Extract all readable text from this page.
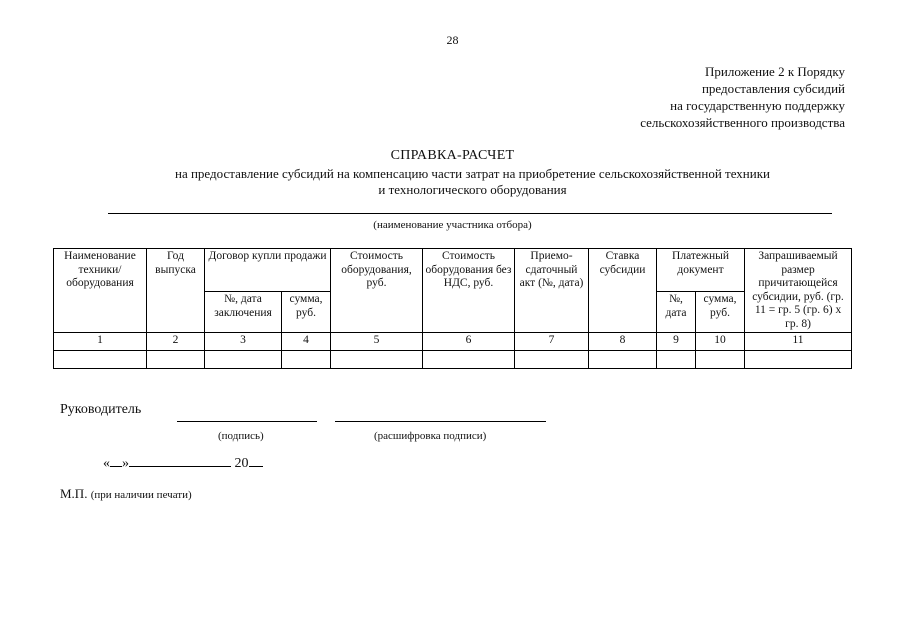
28
Приложение 2 к Порядку
предоставления субсидий
на государственную поддержку
сельскохозяйственного производства
СПРАВКА-РАСЧЕТ
на предоставление субсидий на компенсацию части затрат на приобретение сельскохозяйственной техники
и технологического оборудования
(наименование участника отбора)
Наименование техники/ оборудования	Год выпуска	Договор купли продажи		Стоимость оборудования, руб.	Стоимость оборудования без НДС, руб.	Приемо-сдаточный акт (№, дата)	Ставка субсидии	Платежный документ		Запрашиваемый размер причитающейся субсидии, руб. (гр. 11 = гр. 5 (гр. 6) х гр. 8)
		№, дата заключения	сумма, руб.					№, дата	сумма, руб.	
1	2	3	4	5	6	7	8	9	10	11

Руководитель
(подпись)	(расшифровка подписи)
« »	20
М.П. (при наличии печати)
